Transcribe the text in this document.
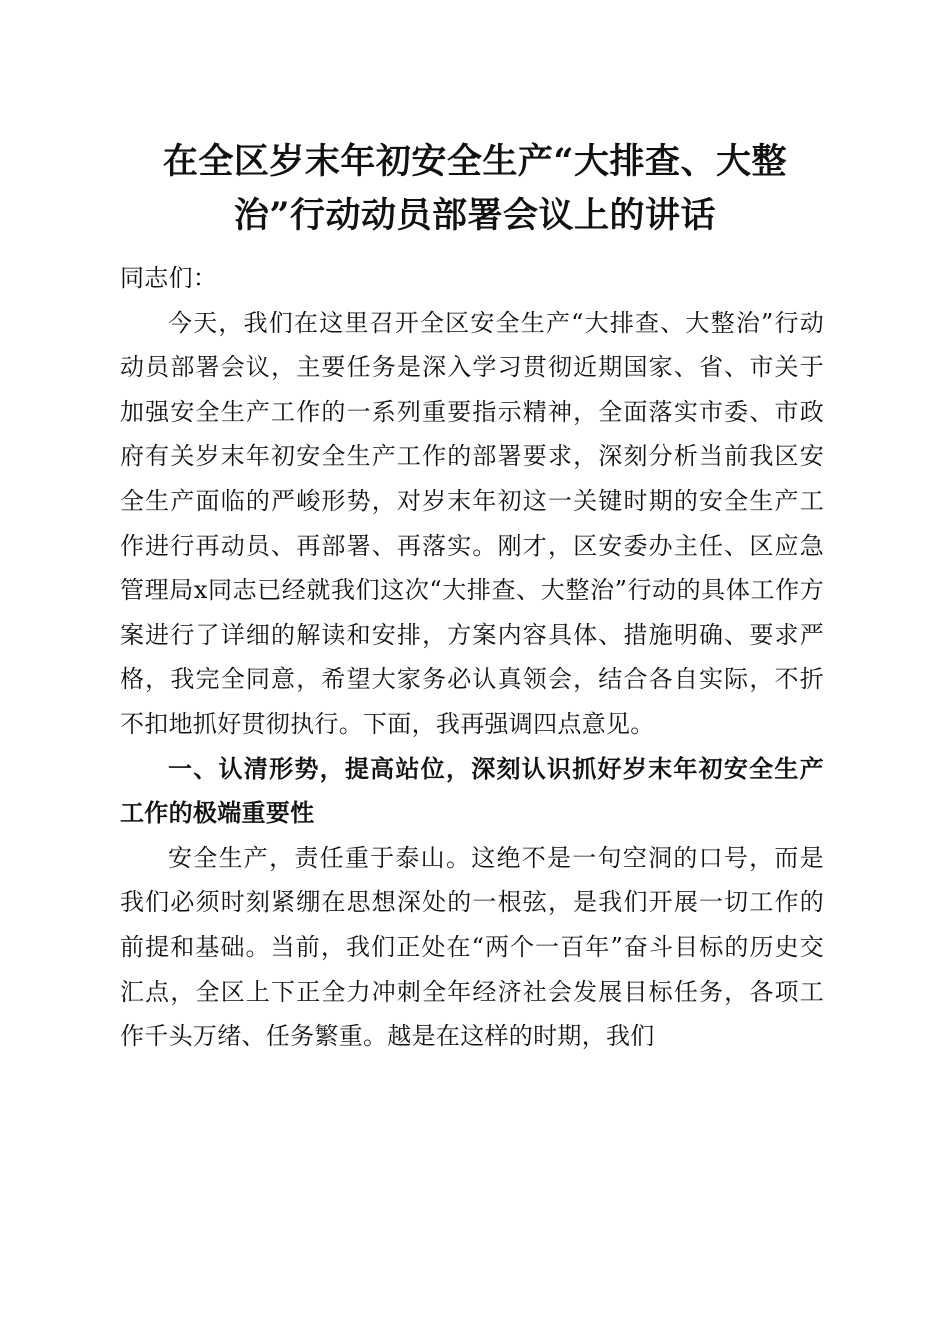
在全区岁末年初安全生产“大排查、大整
治”行动动员部署会议上的讲话

同志们：

今天，我们在这里召开全区安全生产“大排查、大整治”行动动员部署会议，主要任务是深入学习贯彻近期国家、省、市关于加强安全生产工作的一系列重要指示精神，全面落实市委、市政府有关岁末年初安全生产工作的部署要求，深刻分析当前我区安全生产面临的严峻形势，对岁末年初这一关键时期的安全生产工作进行再动员、再部署、再落实。刚才，区安委办主任、区应急管理局x同志已经就我们这次“大排查、大整治”行动的具体工作方案进行了详细的解读和安排，方案内容具体、措施明确、要求严格，我完全同意，希望大家务必认真领会，结合各自实际，不折不扣地抓好贯彻执行。下面，我再强调四点意见。

一、认清形势，提高站位，深刻认识抓好岁末年初安全生产工作的极端重要性

安全生产，责任重于泰山。这绝不是一句空洞的口号，而是我们必须时刻紧绷在思想深处的一根弦，是我们开展一切工作的前提和基础。当前，我们正处在“两个一百年”奋斗目标的历史交汇点，全区上下正全力冲刺全年经济社会发展目标任务，各项工作千头万绪、任务繁重。越是在这样的时期，我们
